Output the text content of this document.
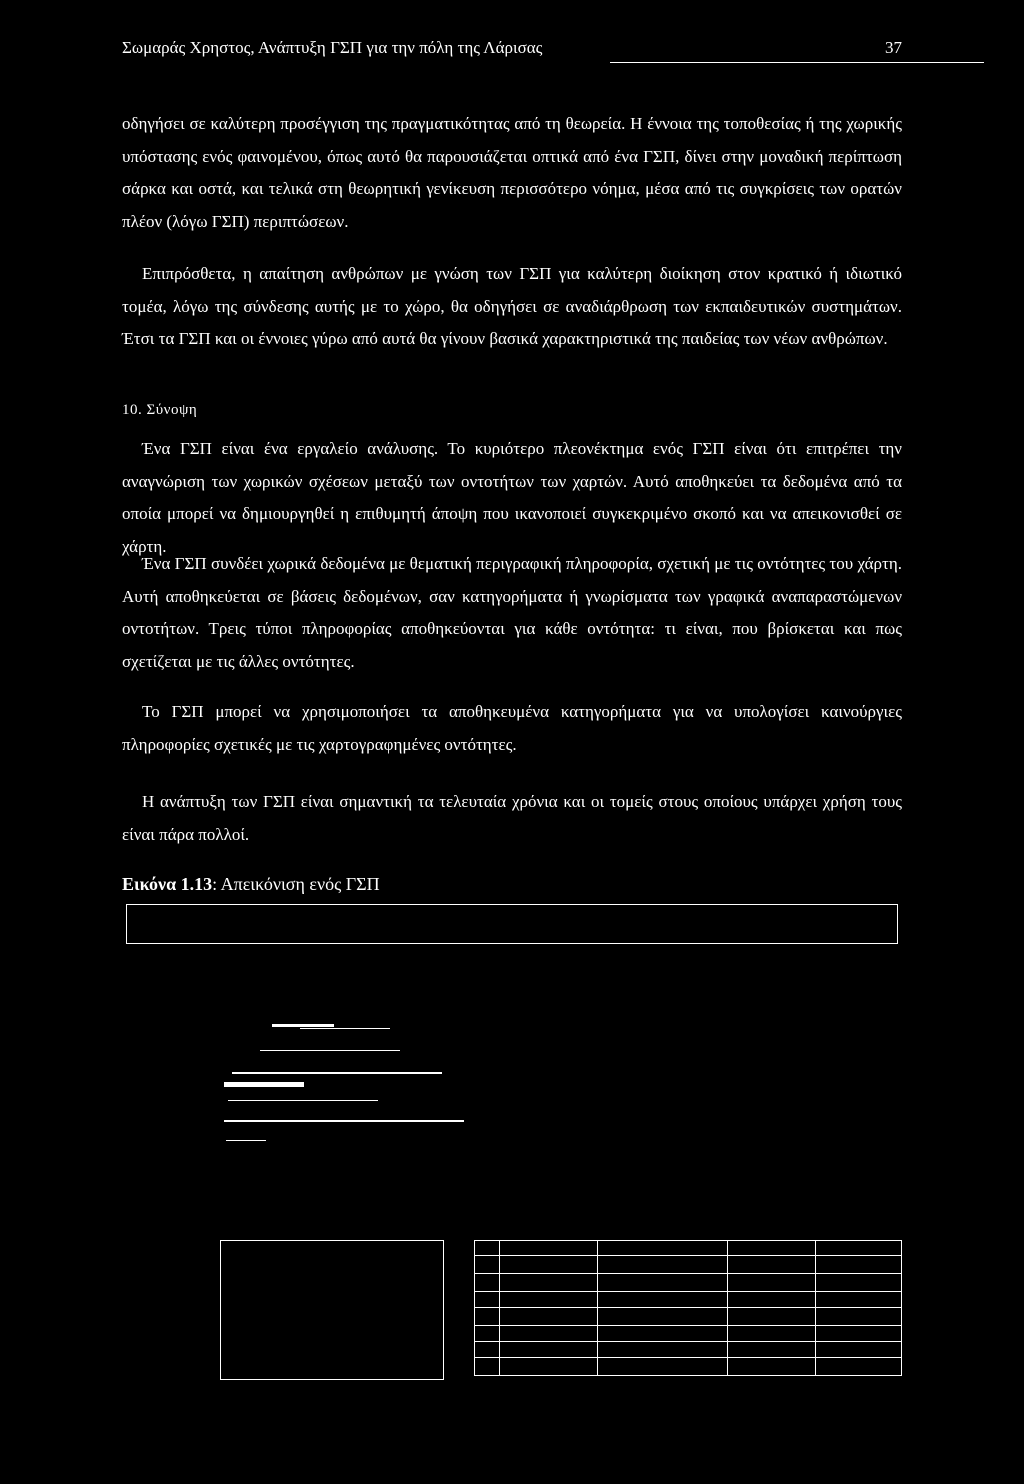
Σωμαράς Χρηστος, Ανάπτυξη ΓΣΠ για την πόλη της Λάρισας	37

οδηγήσει σε καλύτερη προσέγγιση της πραγματικότητας από τη θεωρεία. Η έννοια της τοποθεσίας ή της χωρικής υπόστασης ενός φαινομένου, όπως αυτό θα παρουσιάζεται οπτικά από ένα ΓΣΠ, δίνει στην μοναδική περίπτωση σάρκα και οστά, και τελικά στη θεωρητική γενίκευση περισσότερο νόημα, μέσα από τις συγκρίσεις των ορατών πλέον (λόγω ΓΣΠ) περιπτώσεων.

Επιπρόσθετα, η απαίτηση ανθρώπων με γνώση των ΓΣΠ για καλύτερη διοίκηση στον κρατικό ή ιδιωτικό τομέα, λόγω της σύνδεσης αυτής με το χώρο, θα οδηγήσει σε αναδιάρθρωση των εκπαιδευτικών συστημάτων. Έτσι τα ΓΣΠ και οι έννοιες γύρω από αυτά θα γίνουν βασικά χαρακτηριστικά της παιδείας των νέων ανθρώπων.

10. Σύνοψη

Ένα ΓΣΠ είναι ένα εργαλείο ανάλυσης. Το κυριότερο πλεονέκτημα ενός ΓΣΠ είναι ότι επιτρέπει την αναγνώριση των χωρικών σχέσεων μεταξύ των οντοτήτων των χαρτών. Αυτό αποθηκεύει τα δεδομένα από τα οποία μπορεί να δημιουργηθεί η επιθυμητή άποψη που ικανοποιεί συγκεκριμένο σκοπό και να απεικονισθεί σε χάρτη.

Ένα ΓΣΠ συνδέει χωρικά δεδομένα με θεματική περιγραφική πληροφορία, σχετική με τις οντότητες του χάρτη. Αυτή αποθηκεύεται σε βάσεις δεδομένων, σαν κατηγορήματα ή γνωρίσματα των γραφικά αναπαραστώμενων οντοτήτων. Τρεις τύποι πληροφορίας αποθηκεύονται για κάθε οντότητα: τι είναι, που βρίσκεται και πως σχετίζεται με τις άλλες οντότητες.

Το ΓΣΠ μπορεί να χρησιμοποιήσει τα αποθηκευμένα κατηγορήματα για να υπολογίσει καινούργιες πληροφορίες σχετικές με τις χαρτογραφημένες οντότητες.

Η ανάπτυξη των ΓΣΠ είναι σημαντική τα τελευταία χρόνια και οι τομείς στους οποίους υπάρχει χρήση τους είναι πάρα πολλοί.

Εικόνα 1.13: Απεικόνιση ενός ΓΣΠ
